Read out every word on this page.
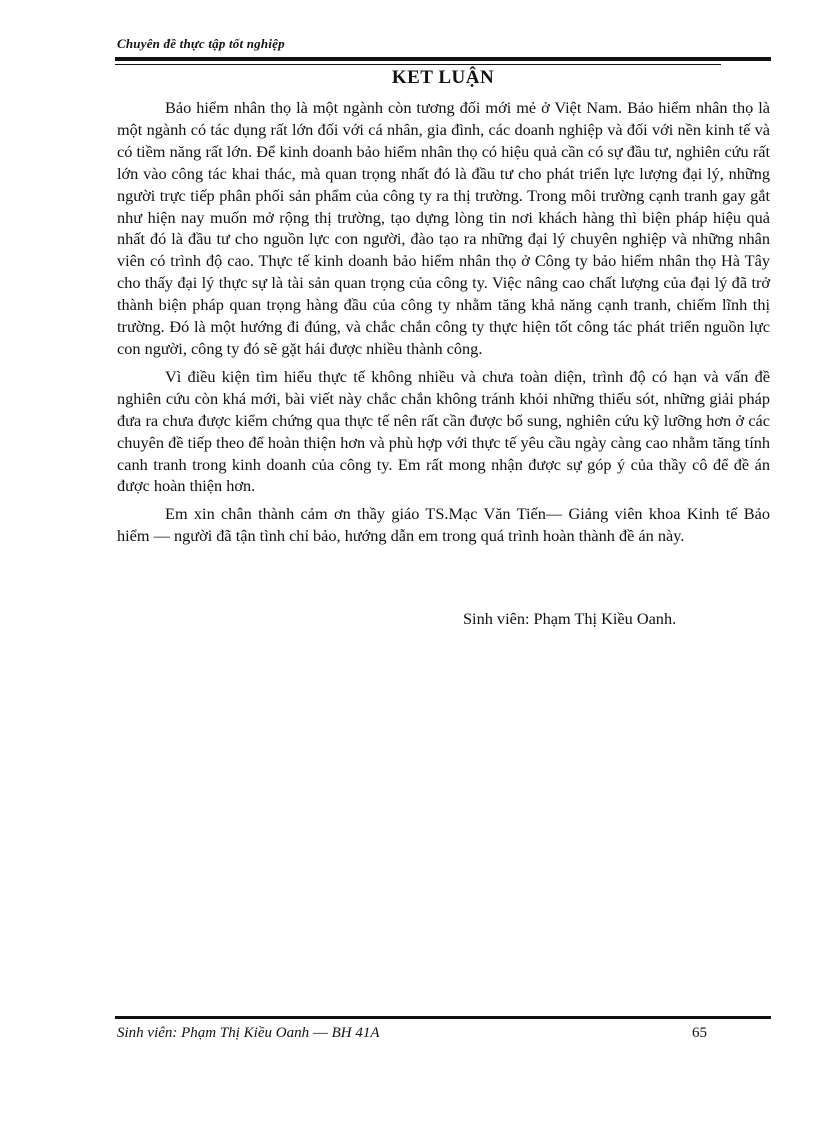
Chuyên đề thực tập tốt nghiệp
KET LUẬN

Bảo hiểm nhân thọ là một ngành còn tương đối mới mẻ ở Việt Nam. Bảo hiểm nhân thọ là một ngành có tác dụng rất lớn đối với cá nhân, gia đình, các doanh nghiệp và đối với nền kinh tế và có tiềm năng rất lớn. Để kinh doanh bảo hiểm nhân thọ có hiệu quả cần có sự đầu tư, nghiên cứu rất lớn vào công tác khai thác, mà quan trọng nhất đó là đầu tư cho phát triển lực lượng đại lý, những người trực tiếp phân phối sản phẩm của công ty ra thị trường. Trong môi trường cạnh tranh gay gắt như hiện nay muốn mở rộng thị trường, tạo dựng lòng tin nơi khách hàng thì biện pháp hiệu quả nhất đó là đầu tư cho nguồn lực con người, đào tạo ra những đại lý chuyên nghiệp và những nhân viên có trình độ cao. Thực tế kinh doanh bảo hiểm nhân thọ ở Công ty bảo hiểm nhân thọ Hà Tây cho thấy đại lý thực sự là tài sản quan trọng của công ty. Việc nâng cao chất lượng của đại lý đã trở thành biện pháp quan trọng hàng đầu của công ty nhằm tăng khả năng cạnh tranh, chiếm lĩnh thị trường. Đó là một hướng đi đúng, và chắc chắn công ty thực hiện tốt công tác phát triển nguồn lực con người, công ty đó sẽ gặt hái được nhiều thành công.

Vì điều kiện tìm hiểu thực tế không nhiều và chưa toàn diện, trình độ có hạn và vấn đề nghiên cứu còn khá mới, bài viết này chắc chắn không tránh khỏi những thiếu sót, những giải pháp đưa ra chưa được kiểm chứng qua thực tế nên rất cần được bổ sung, nghiên cứu kỹ lưỡng hơn ở các chuyên đề tiếp theo để hoàn thiện hơn và phù hợp với thực tế yêu cầu ngày càng cao nhằm tăng tính canh tranh trong kinh doanh của công ty. Em rất mong nhận được sự góp ý của thầy cô để đề án được hoàn thiện hơn.

Em xin chân thành cảm ơn thầy giáo TS.Mạc Văn Tiến— Giảng viên khoa Kinh tế Bảo hiểm — người đã tận tình chỉ bảo, hướng dẫn em trong quá trình hoàn thành đề án này.

Sinh viên: Phạm Thị Kiều Oanh.
Sinh viên: Phạm Thị Kiều Oanh — BH 41A	65
